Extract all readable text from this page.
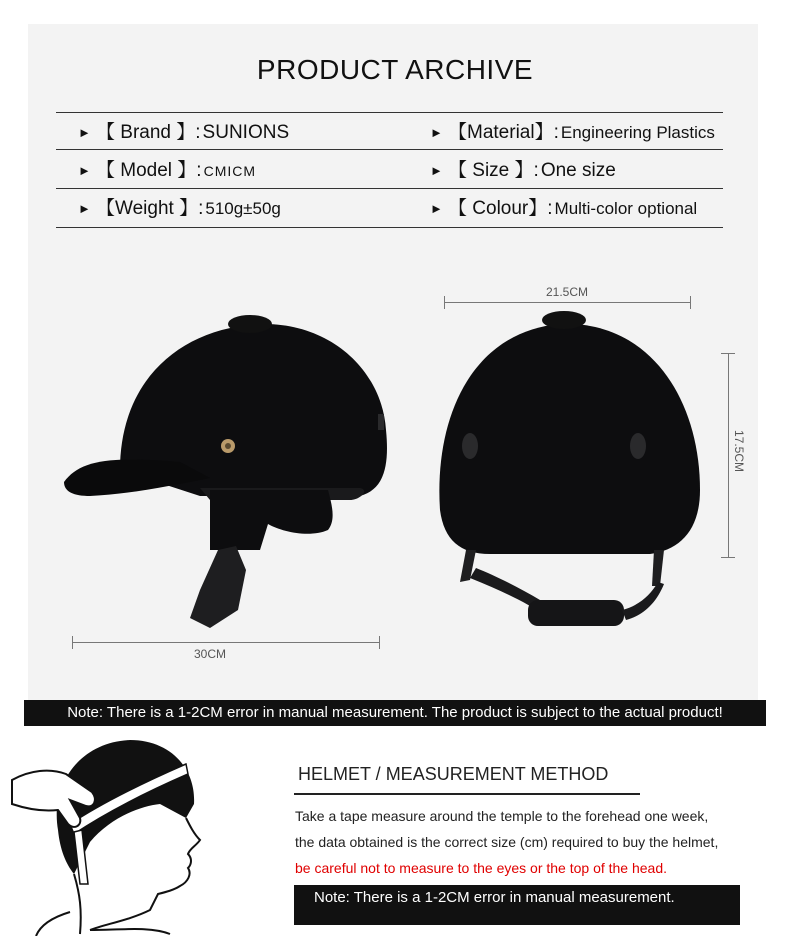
PRODUCT ARCHIVE
► 【 Brand 】: SUNIONS	► 【Material】: Engineering Plastics
► 【 Model 】: CMICM	► 【 Size 】: One size
► 【Weight 】: 510g±50g	► 【 Colour】: Multi-color optional
21.5CM
17.5CM
30CM
Note: There is a 1-2CM error in manual measurement. The product is subject to the actual product!
HELMET / MEASUREMENT METHOD
Take a tape measure around the temple to the forehead one week,
the data obtained is the correct size (cm) required to buy the helmet,
be careful not to measure to the eyes or the top of the head.
Note: There is a 1-2CM error in manual measurement.
